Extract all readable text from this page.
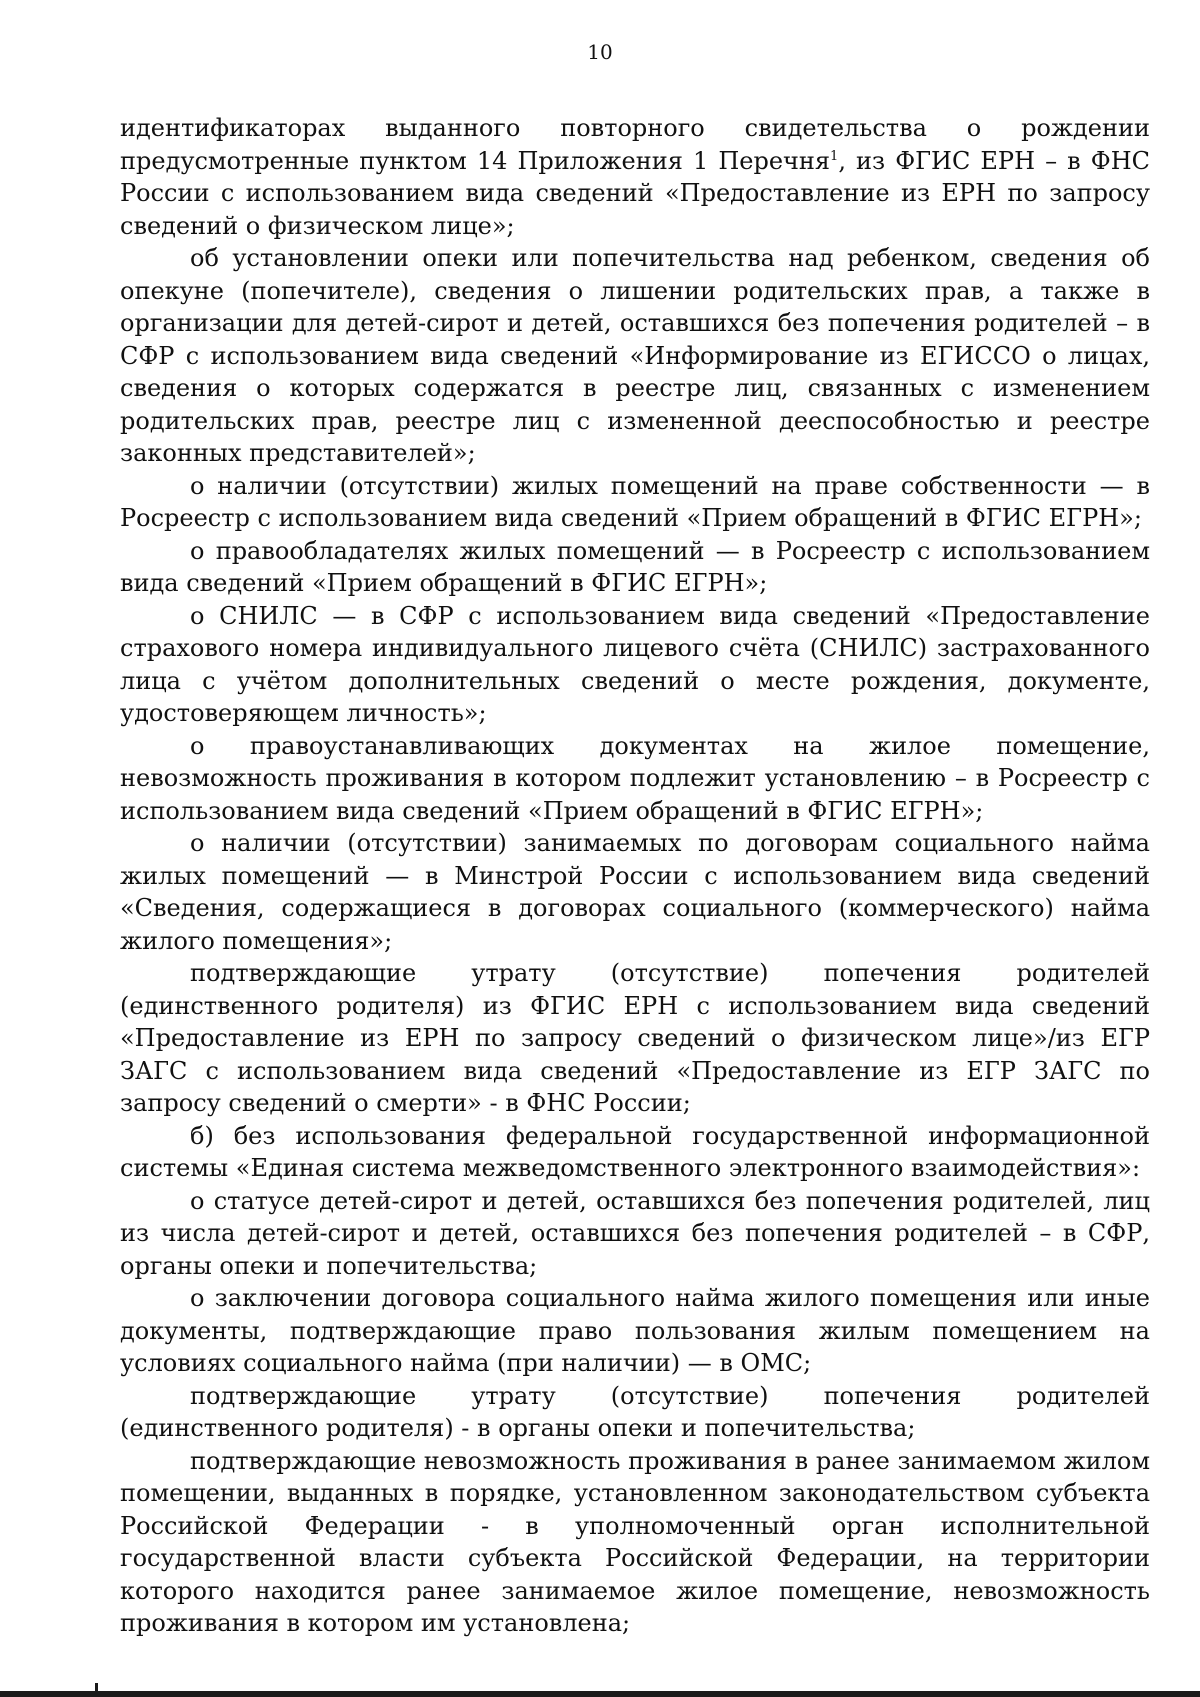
10

идентификаторах выданного повторного свидетельства о рождении предусмотренные пунктом 14 Приложения 1 Перечня$^1$, из ФГИС ЕРН – в ФНС России с использованием вида сведений «Предоставление из ЕРН по запросу сведений о физическом лице»;

об установлении опеки или попечительства над ребенком, сведения об опекуне (попечителе), сведения о лишении родительских прав, а также в организации для детей-сирот и детей, оставшихся без попечения родителей – в СФР с использованием вида сведений «Информирование из ЕГИССО о лицах, сведения о которых содержатся в реестре лиц, связанных с изменением родительских прав, реестре лиц с измененной дееспособностью и реестре законных представителей»;

о наличии (отсутствии) жилых помещений на праве собственности — в Росреестр с использованием вида сведений «Прием обращений в ФГИС ЕГРН»;

о правообладателях жилых помещений — в Росреестр с использованием вида сведений «Прием обращений в ФГИС ЕГРН»;

о СНИЛС — в СФР с использованием вида сведений «Предоставление страхового номера индивидуального лицевого счёта (СНИЛС) застрахованного лица с учётом дополнительных сведений о месте рождения, документе, удостоверяющем личность»;

о правоустанавливающих документах на жилое помещение, невозможность проживания в котором подлежит установлению – в Росреестр с использованием вида сведений «Прием обращений в ФГИС ЕГРН»;

о наличии (отсутствии) занимаемых по договорам социального найма жилых помещений — в Минстрой России с использованием вида сведений «Сведения, содержащиеся в договорах социального (коммерческого) найма жилого помещения»;

подтверждающие утрату (отсутствие) попечения родителей (единственного родителя) из ФГИС ЕРН с использованием вида сведений «Предоставление из ЕРН по запросу сведений о физическом лице»/из ЕГР ЗАГС с использованием вида сведений «Предоставление из ЕГР ЗАГС по запросу сведений о смерти» - в ФНС России;

б) без использования федеральной государственной информационной системы «Единая система межведомственного электронного взаимодействия»:

о статусе детей-сирот и детей, оставшихся без попечения родителей, лиц из числа детей-сирот и детей, оставшихся без попечения родителей – в СФР, органы опеки и попечительства;

о заключении договора социального найма жилого помещения или иные документы, подтверждающие право пользования жилым помещением на условиях социального найма (при наличии) — в ОМС;

подтверждающие утрату (отсутствие) попечения родителей (единственного родителя) - в органы опеки и попечительства;

подтверждающие невозможность проживания в ранее занимаемом жилом помещении, выданных в порядке, установленном законодательством субъекта Российской Федерации - в уполномоченный орган исполнительной государственной власти субъекта Российской Федерации, на территории которого находится ранее занимаемое жилое помещение, невозможность проживания в котором им установлена;
